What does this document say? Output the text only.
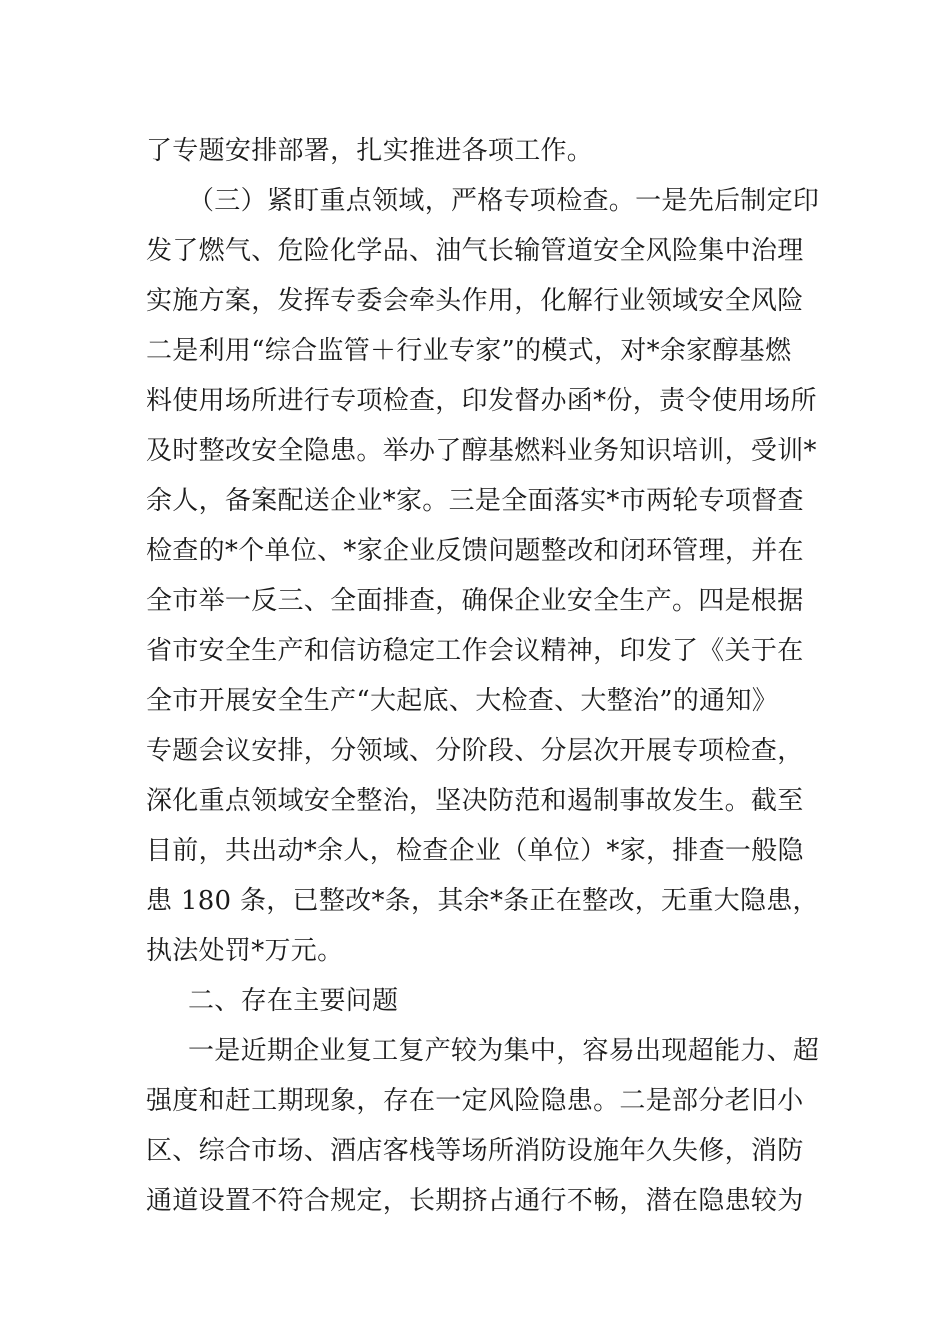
了专题安排部署，扎实推进各项工作。
（三）紧盯重点领域，严格专项检查。一是先后制定印
发了燃气、危险化学品、油气长输管道安全风险集中治理
实施方案，发挥专委会牵头作用，化解行业领域安全风险
二是利用“综合监管＋行业专家”的模式，对*余家醇基燃
料使用场所进行专项检查，印发督办函*份，责令使用场所
及时整改安全隐患。举办了醇基燃料业务知识培训，受训*
余人，备案配送企业*家。三是全面落实*市两轮专项督查
检查的*个单位、*家企业反馈问题整改和闭环管理，并在
全市举一反三、全面排查，确保企业安全生产。四是根据
省市安全生产和信访稳定工作会议精神，印发了《关于在
全市开展安全生产“大起底、大检查、大整治”的通知》
专题会议安排，分领域、分阶段、分层次开展专项检查，
深化重点领域安全整治，坚决防范和遏制事故发生。截至
目前，共出动*余人，检查企业（单位）*家，排查一般隐
患 180 条，已整改*条，其余*条正在整改，无重大隐患，
执法处罚*万元。
二、存在主要问题
一是近期企业复工复产较为集中，容易出现超能力、超
强度和赶工期现象，存在一定风险隐患。二是部分老旧小
区、综合市场、酒店客栈等场所消防设施年久失修，消防
通道设置不符合规定，长期挤占通行不畅，潜在隐患较为
